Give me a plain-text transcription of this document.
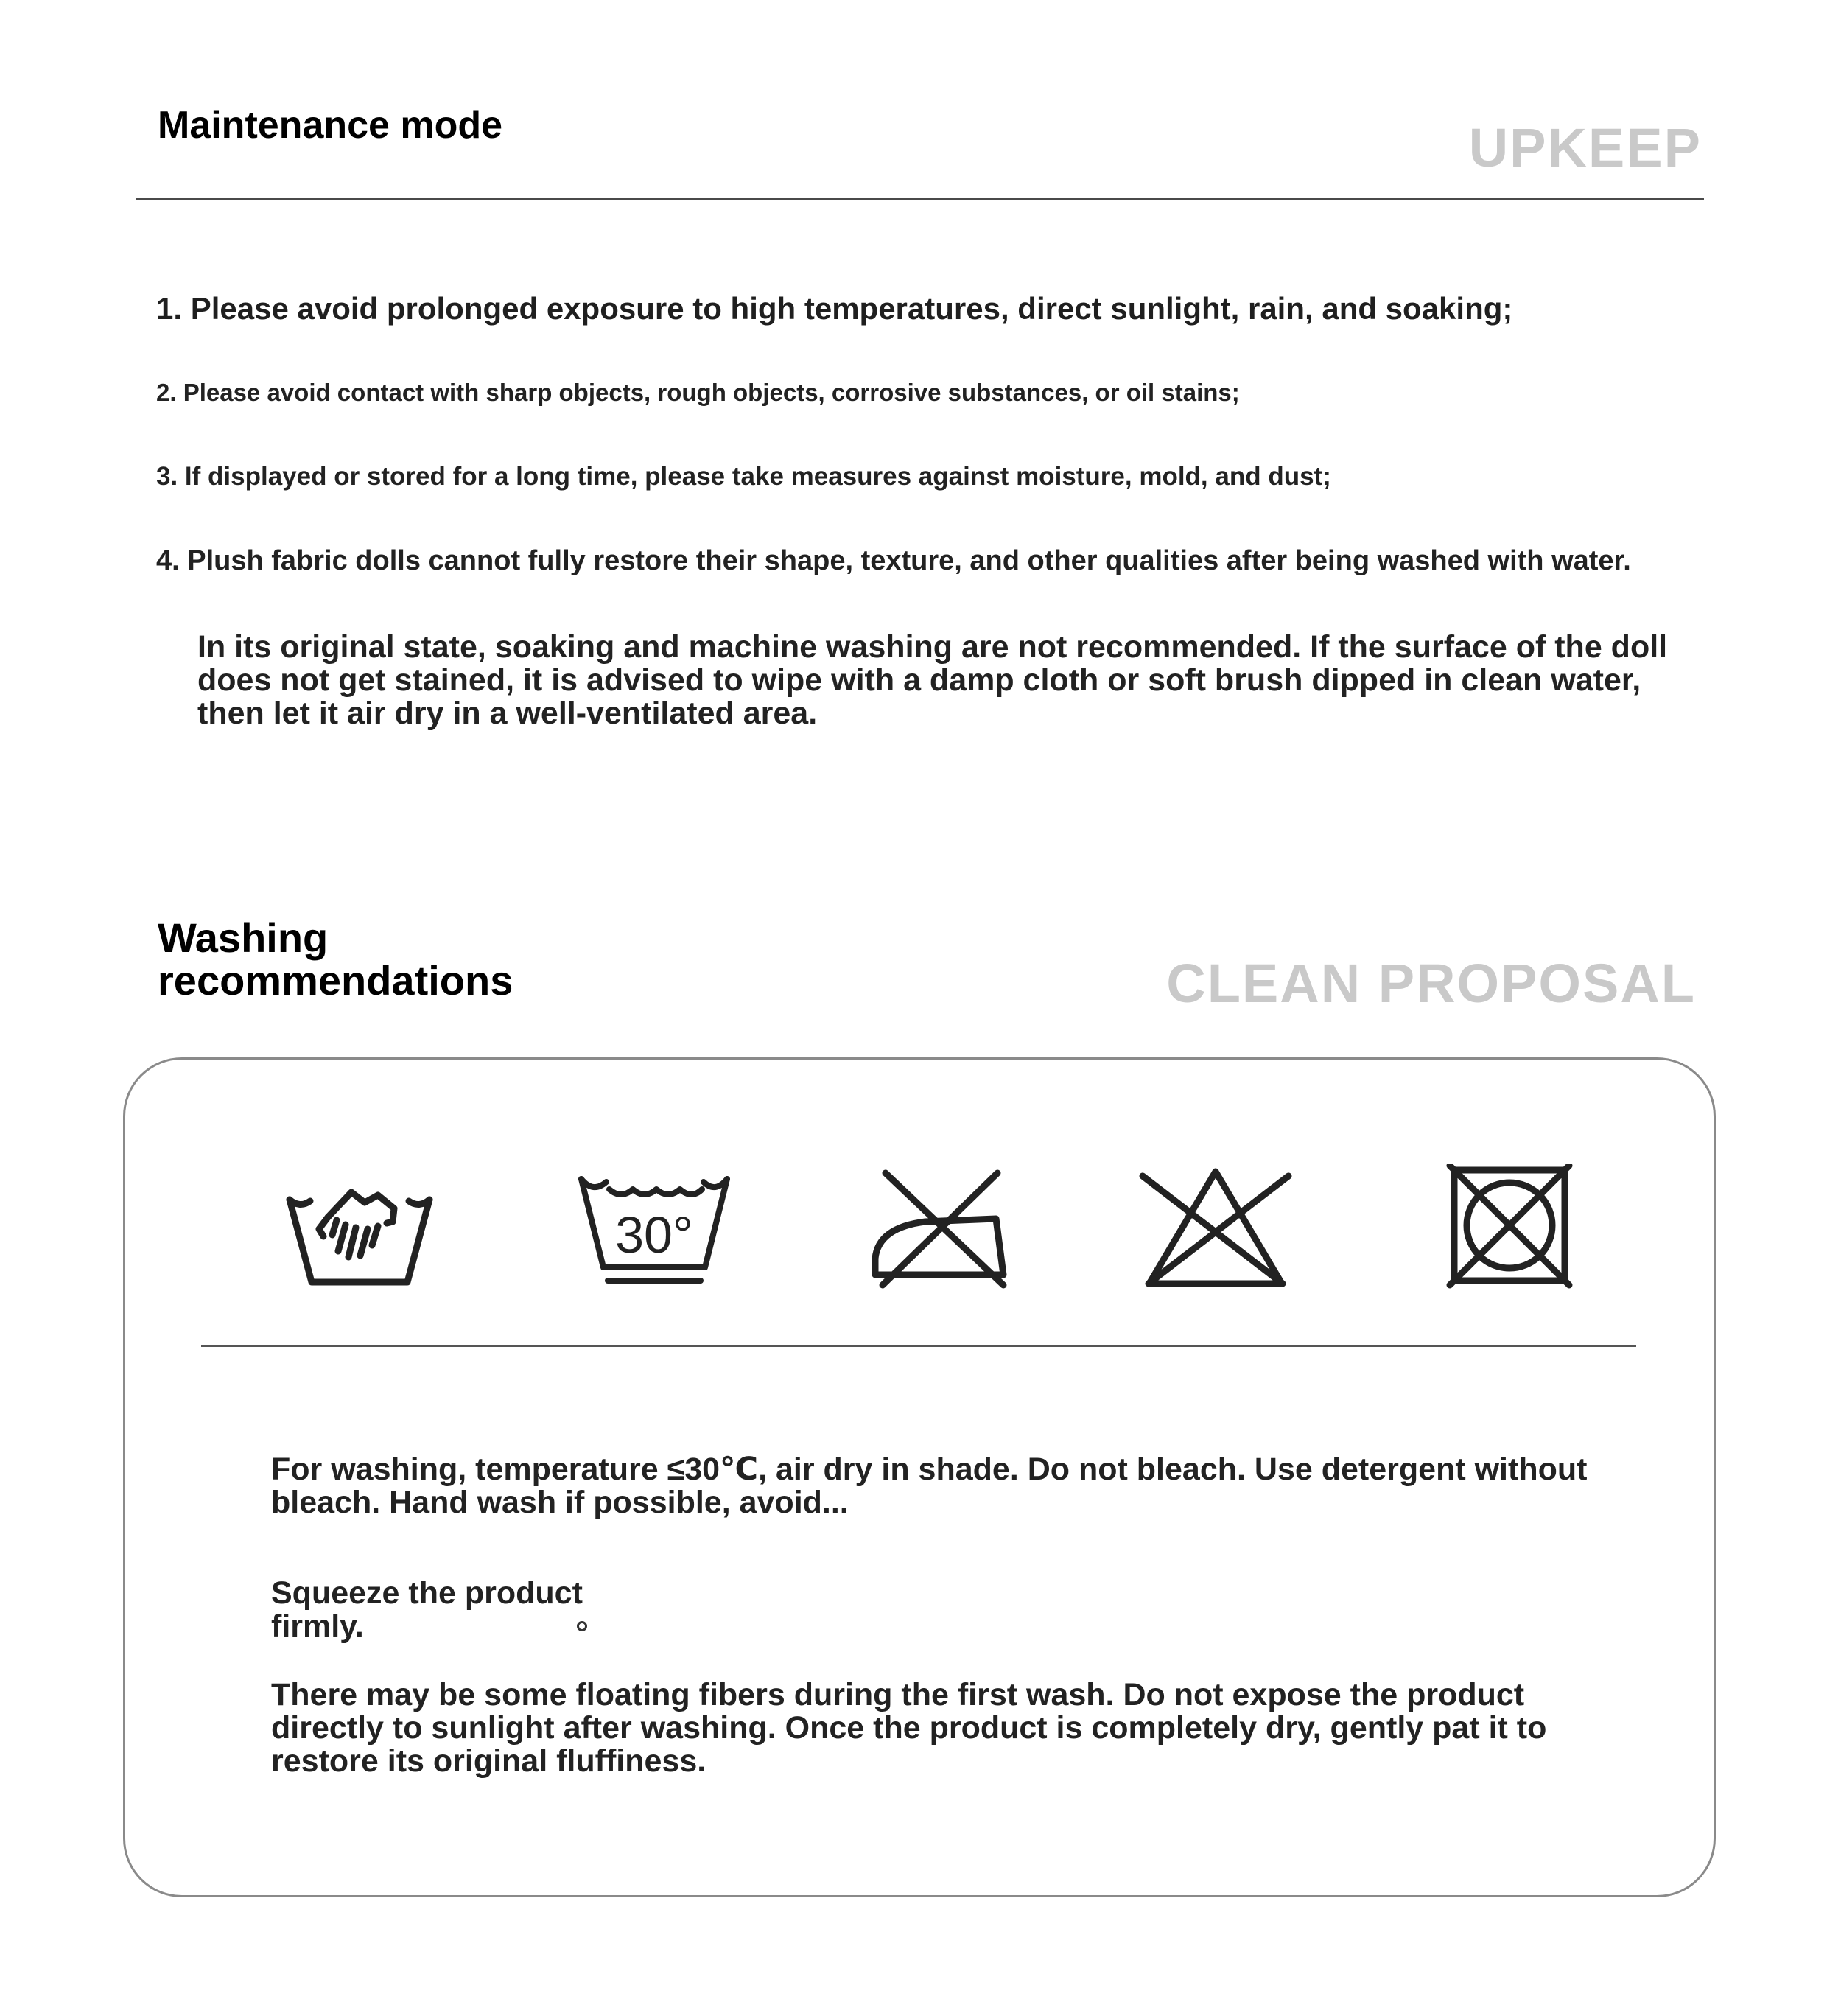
Maintenance mode	UPKEEP
1. Please avoid prolonged exposure to high temperatures, direct sunlight, rain, and soaking;
2. Please avoid contact with sharp objects, rough objects, corrosive substances, or oil stains;
3. If displayed or stored for a long time, please take measures against moisture, mold, and dust;
4. Plush fabric dolls cannot fully restore their shape, texture, and other qualities after being washed with water.
In its original state, soaking and machine washing are not recommended. If the surface of the doll does not get stained, it is advised to wipe with a damp cloth or soft brush dipped in clean water, then let it air dry in a well-ventilated area.
Washing recommendations	CLEAN PROPOSAL
30°
For washing, temperature ≤30℃, air dry in shade. Do not bleach. Use detergent without bleach. Hand wash if possible, avoid...
Squeeze the product firmly.
There may be some floating fibers during the first wash. Do not expose the product directly to sunlight after washing. Once the product is completely dry, gently pat it to restore its original fluffiness.
